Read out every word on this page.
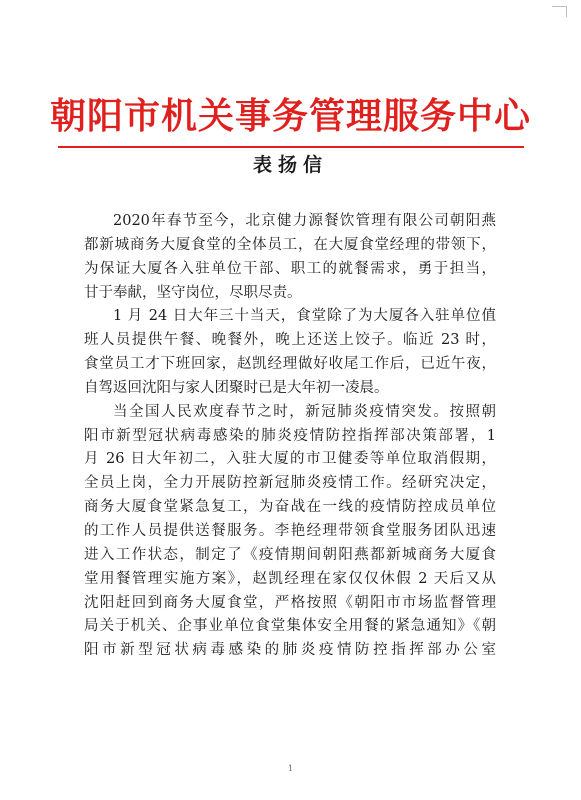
朝阳市机关事务管理服务中心
表扬信
2020年春节至今，北京健力源餐饮管理有限公司朝阳燕
都新城商务大厦食堂的全体员工，在大厦食堂经理的带领下，
为保证大厦各入驻单位干部、职工的就餐需求，勇于担当，
甘于奉献，坚守岗位，尽职尽责。
1 月 24 日大年三十当天，食堂除了为大厦各入驻单位值
班人员提供午餐、晚餐外，晚上还送上饺子。临近 23 时，
食堂员工才下班回家，赵凯经理做好收尾工作后，已近午夜，
自驾返回沈阳与家人团聚时已是大年初一凌晨。
当全国人民欢度春节之时，新冠肺炎疫情突发。按照朝
阳市新型冠状病毒感染的肺炎疫情防控指挥部决策部署，1
月 26 日大年初二，入驻大厦的市卫健委等单位取消假期，
全员上岗，全力开展防控新冠肺炎疫情工作。经研究决定，
商务大厦食堂紧急复工，为奋战在一线的疫情防控成员单位
的工作人员提供送餐服务。李艳经理带领食堂服务团队迅速
进入工作状态，制定了《疫情期间朝阳燕都新城商务大厦食
堂用餐管理实施方案》，赵凯经理在家仅仅休假 2 天后又从
沈阳赶回到商务大厦食堂，严格按照《朝阳市市场监督管理
局关于机关、企事业单位食堂集体安全用餐的紧急通知》《朝
阳市新型冠状病毒感染的肺炎疫情防控指挥部办公室
1
